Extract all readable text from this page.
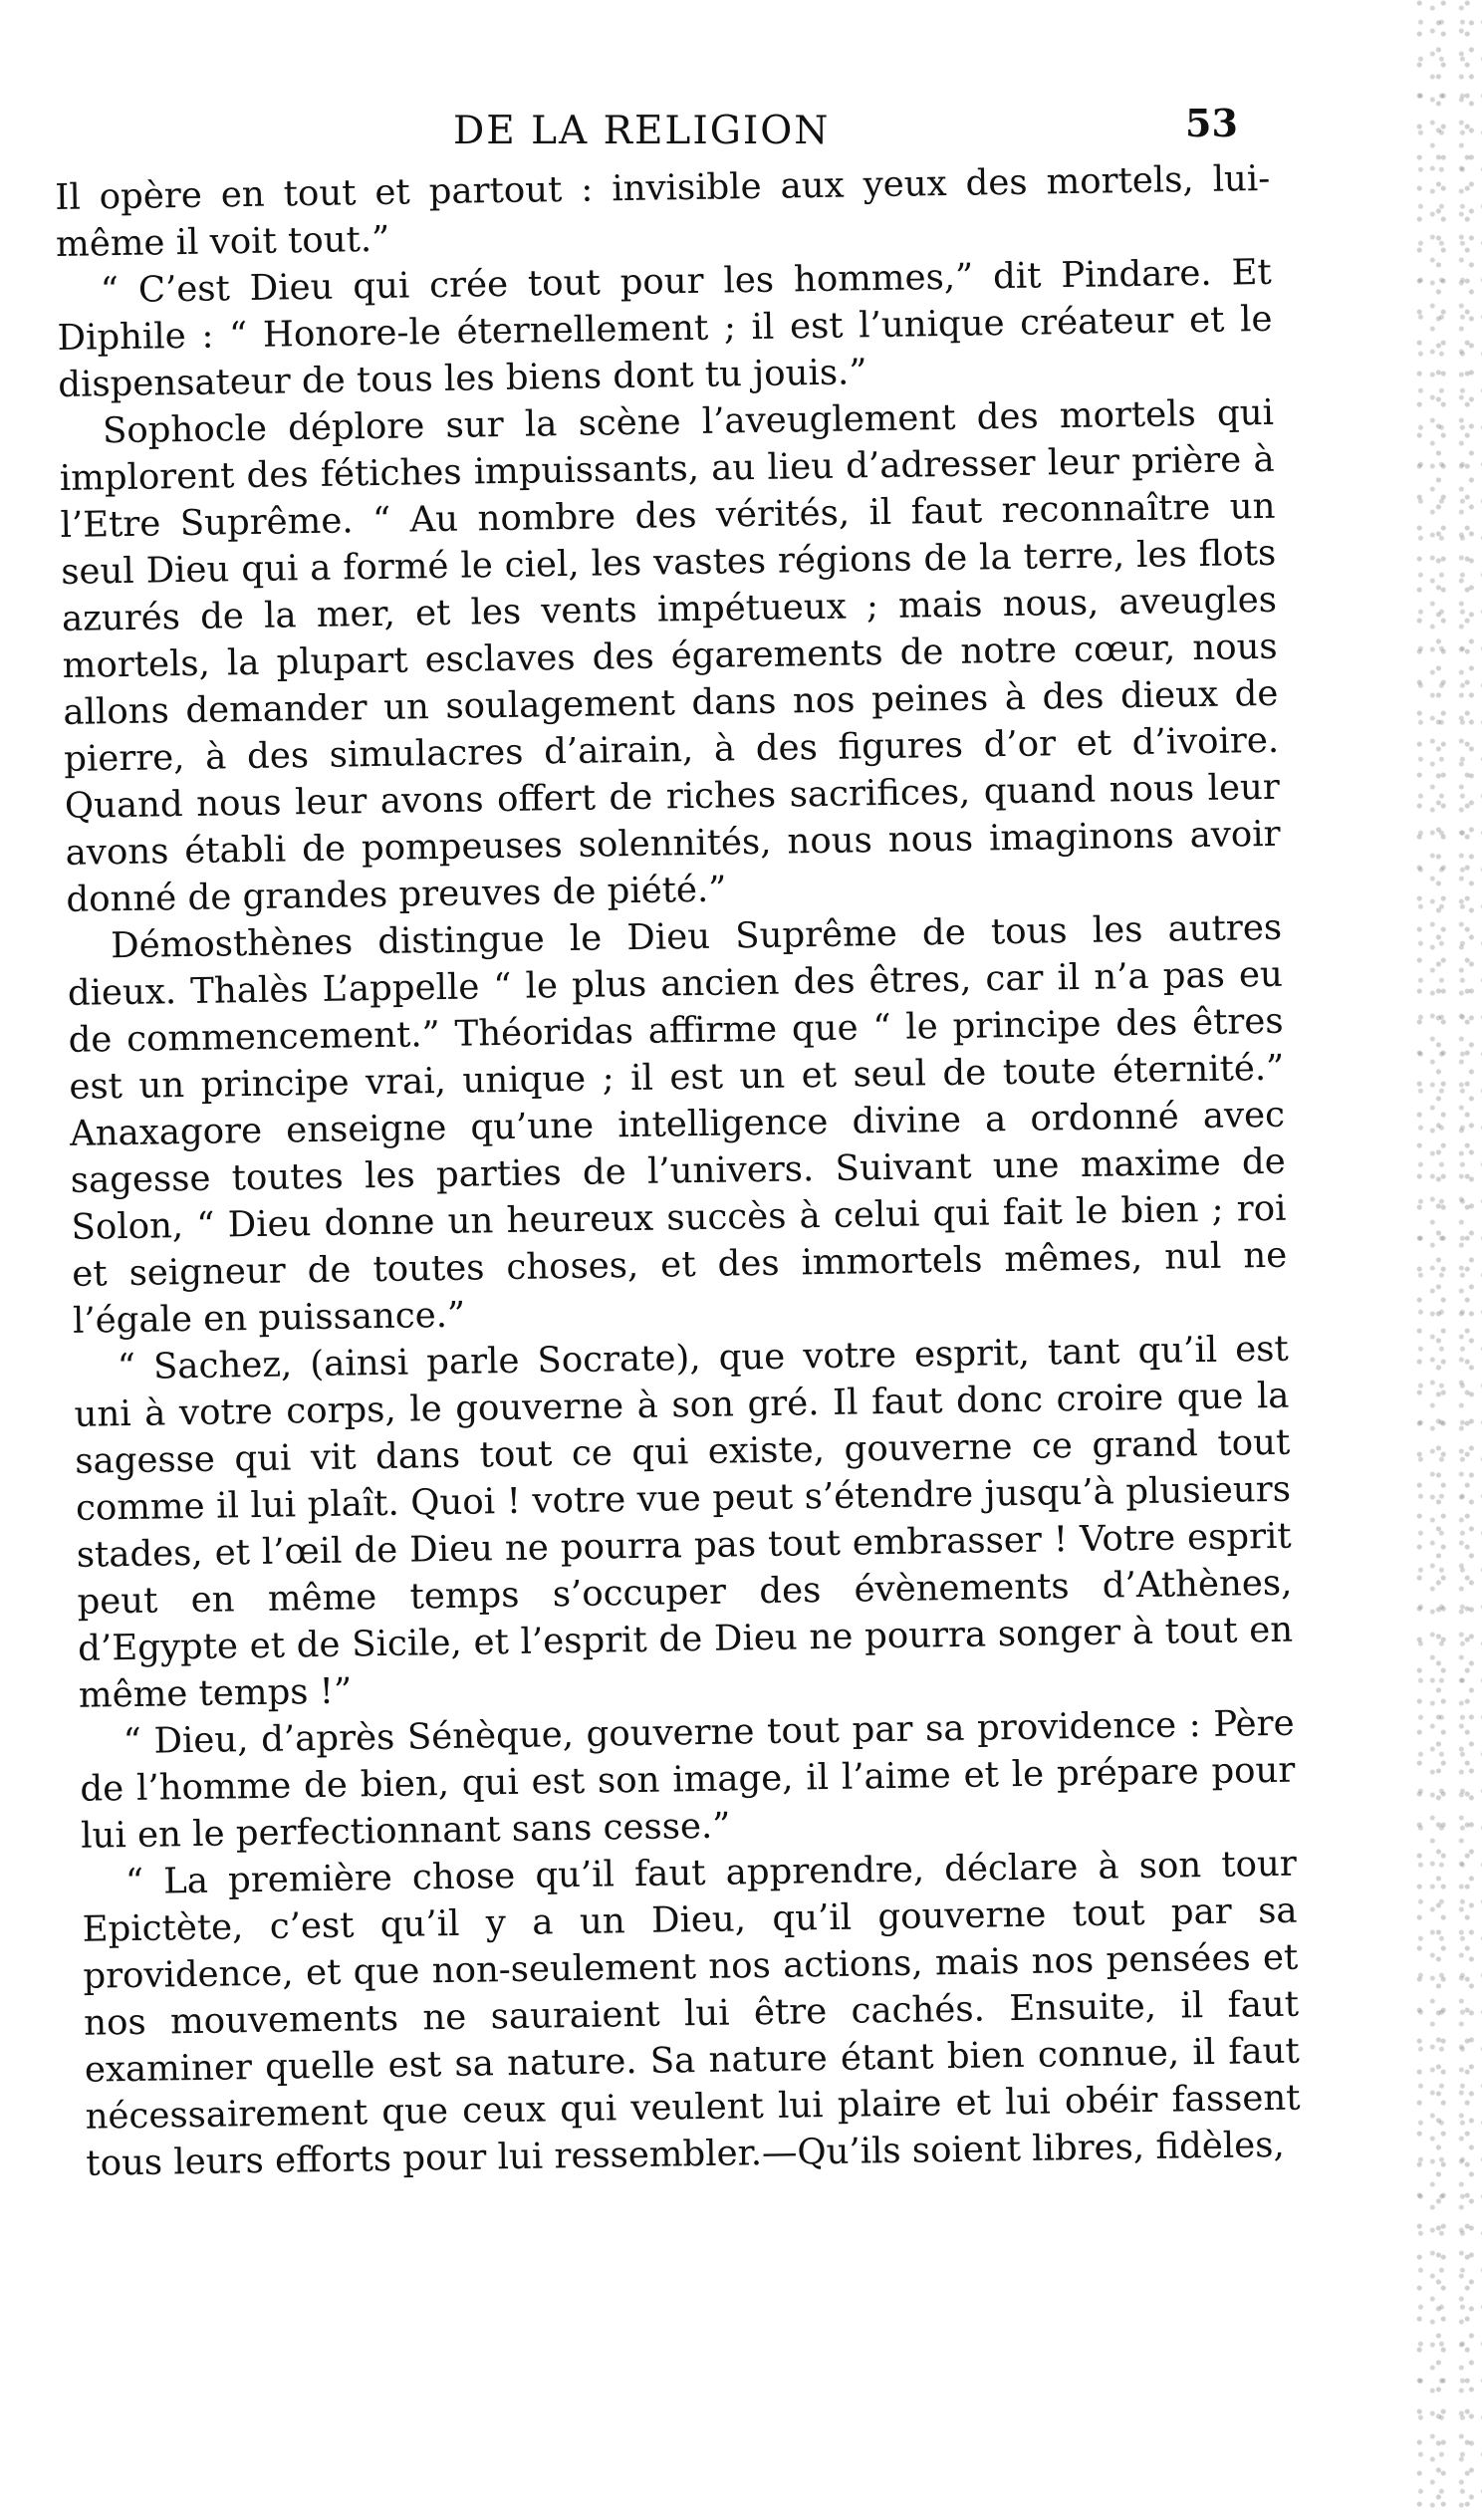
DE LA RELIGION	53

Il opère en tout et partout : invisible aux yeux des mortels, lui-même il voit tout.”

“ C’est Dieu qui crée tout pour les hommes,” dit Pindare. Et Diphile : “ Honore-le éternellement ; il est l’unique créateur et le dispensateur de tous les biens dont tu jouis.”

Sophocle déplore sur la scène l’aveuglement des mortels qui implorent des fétiches impuissants, au lieu d’adresser leur prière à l’Etre Suprême. “ Au nombre des vérités, il faut reconnaître un seul Dieu qui a formé le ciel, les vastes régions de la terre, les flots azurés de la mer, et les vents impétueux ; mais nous, aveugles mortels, la plupart esclaves des égarements de notre cœur, nous allons demander un soulagement dans nos peines à des dieux de pierre, à des simulacres d’airain, à des figures d’or et d’ivoire. Quand nous leur avons offert de riches sacrifices, quand nous leur avons établi de pompeuses solennités, nous nous imaginons avoir donné de grandes preuves de piété.”

Démosthènes distingue le Dieu Suprême de tous les autres dieux. Thalès L’appelle “ le plus ancien des êtres, car il n’a pas eu de commencement.” Théoridas affirme que “ le principe des êtres est un principe vrai, unique ; il est un et seul de toute éternité.” Anaxagore enseigne qu’une intelligence divine a ordonné avec sagesse toutes les parties de l’univers. Suivant une maxime de Solon, “ Dieu donne un heureux succès à celui qui fait le bien ; roi et seigneur de toutes choses, et des immortels mêmes, nul ne l’égale en puissance.”

“ Sachez, (ainsi parle Socrate), que votre esprit, tant qu’il est uni à votre corps, le gouverne à son gré. Il faut donc croire que la sagesse qui vit dans tout ce qui existe, gouverne ce grand tout comme il lui plaît. Quoi ! votre vue peut s’étendre jusqu’à plusieurs stades, et l’œil de Dieu ne pourra pas tout embrasser ! Votre esprit peut en même temps s’occuper des évènements d’Athènes, d’Egypte et de Sicile, et l’esprit de Dieu ne pourra songer à tout en même temps !”

“ Dieu, d’après Sénèque, gouverne tout par sa providence : Père de l’homme de bien, qui est son image, il l’aime et le prépare pour lui en le perfectionnant sans cesse.”

“ La première chose qu’il faut apprendre, déclare à son tour Epictète, c’est qu’il y a un Dieu, qu’il gouverne tout par sa providence, et que non-seulement nos actions, mais nos pensées et nos mouvements ne sauraient lui être cachés. Ensuite, il faut examiner quelle est sa nature. Sa nature étant bien connue, il faut nécessairement que ceux qui veulent lui plaire et lui obéir fassent tous leurs efforts pour lui ressembler.—Qu’ils soient libres, fidèles,
